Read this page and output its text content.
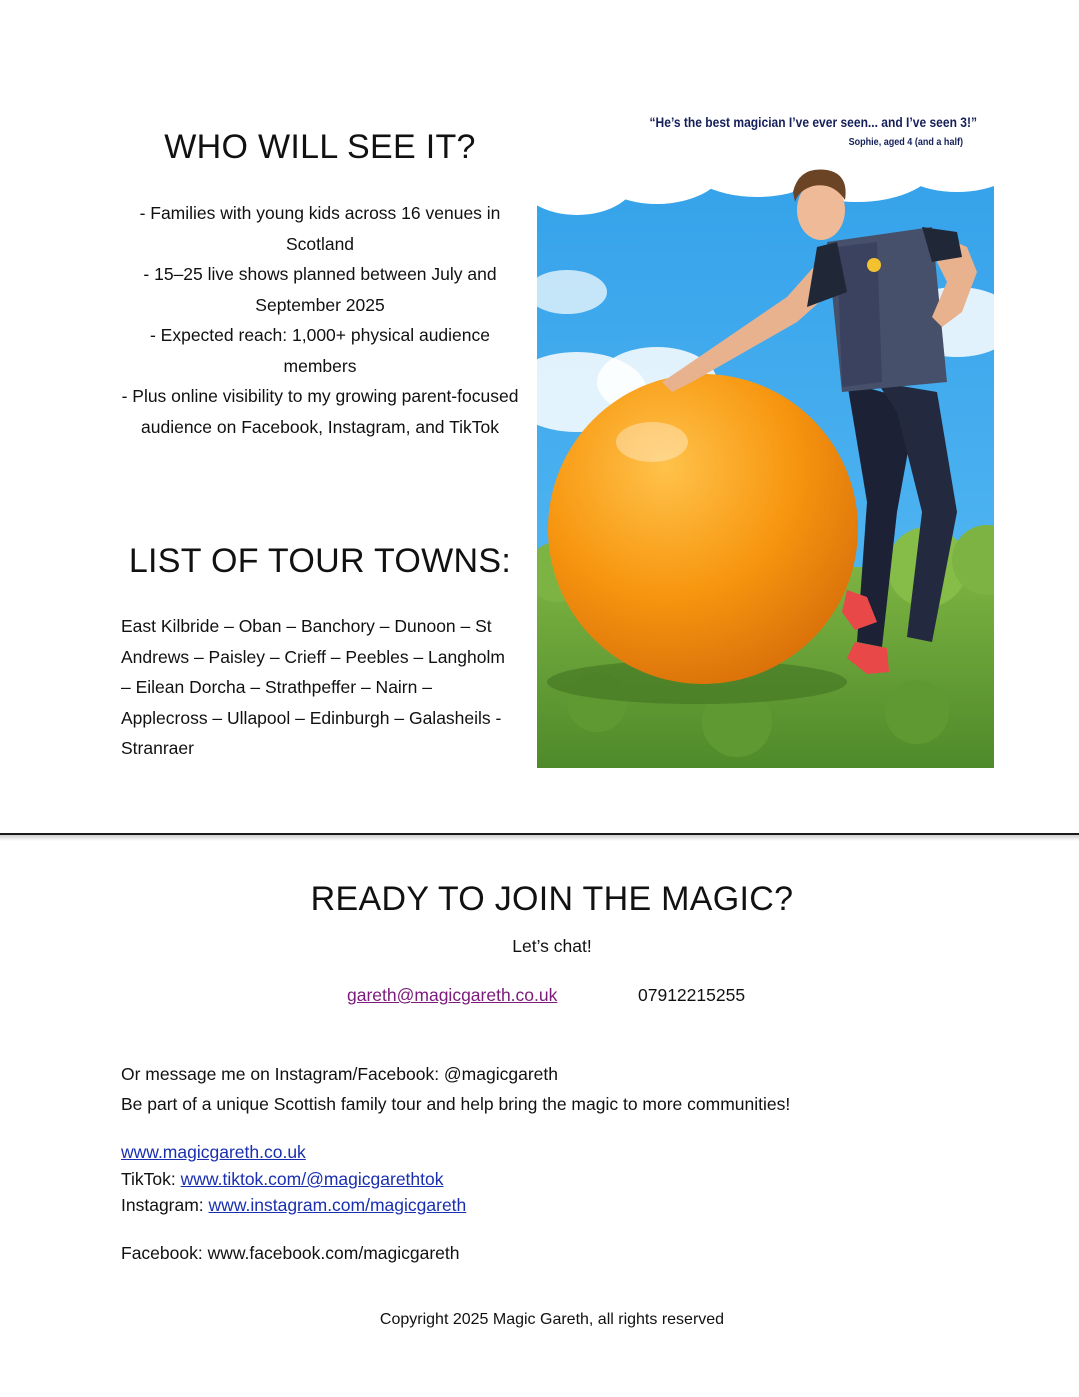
WHO WILL SEE IT?
- Families with young kids across 16 venues in Scotland
- 15–25 live shows planned between July and September 2025
- Expected reach: 1,000+ physical audience members
- Plus online visibility to my growing parent-focused audience on Facebook, Instagram, and TikTok
LIST OF TOUR TOWNS:

East Kilbride – Oban – Banchory – Dunoon – St Andrews – Paisley – Crieff – Peebles – Langholm – Eilean Dorcha – Strathpeffer – Nairn – Applecross – Ullapool – Edinburgh – Galasheils - Stranraer

“He’s the best magician I’ve ever seen... and I’ve seen 3!”
Sophie, aged 4 (and a half)
READY TO JOIN THE MAGIC?
Let’s chat!
gareth@magicgareth.co.uk	07912215255
Or message me on Instagram/Facebook: @magicgareth
Be part of a unique Scottish family tour and help bring the magic to more communities!
www.magicgareth.co.uk
TikTok: www.tiktok.com/@magicgarethtok
Instagram: www.instagram.com/magicgareth
Facebook: www.facebook.com/magicgareth
Copyright 2025 Magic Gareth, all rights reserved
